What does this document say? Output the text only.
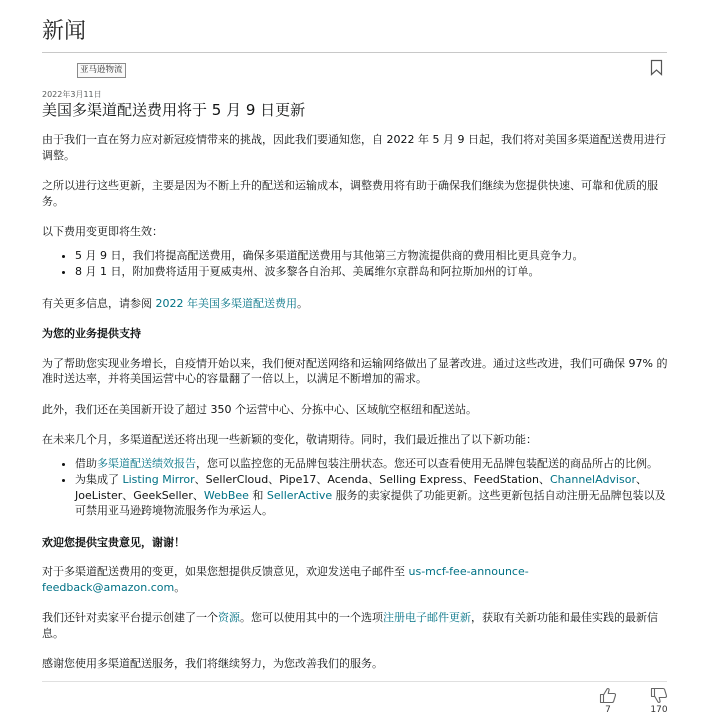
新闻
亚马逊物流
2022年3月11日
美国多渠道配送费用将于 5 月 9 日更新

由于我们一直在努力应对新冠疫情带来的挑战，因此我们要通知您，自 2022 年 5 月 9 日起，我们将对美国多渠道配送费用进行调整。

之所以进行这些更新，主要是因为不断上升的配送和运输成本，调整费用将有助于确保我们继续为您提供快速、可靠和优质的服务。

以下费用变更即将生效：

• 5 月 9 日，我们将提高配送费用，确保多渠道配送费用与其他第三方物流提供商的费用相比更具竞争力。
• 8 月 1 日，附加费将适用于夏威夷州、波多黎各自治邦、美属维尔京群岛和阿拉斯加州的订单。

有关更多信息，请参阅 2022 年美国多渠道配送费用。

为您的业务提供支持

为了帮助您实现业务增长，自疫情开始以来，我们便对配送网络和运输网络做出了显著改进。通过这些改进，我们可确保 97% 的准时送达率，并将美国运营中心的容量翻了一倍以上，以满足不断增加的需求。

此外，我们还在美国新开设了超过 350 个运营中心、分拣中心、区域航空枢纽和配送站。

在未来几个月，多渠道配送还将出现一些新颖的变化，敬请期待。同时，我们最近推出了以下新功能：

• 借助多渠道配送绩效报告，您可以监控您的无品牌包装注册状态。您还可以查看使用无品牌包装配送的商品所占的比例。
• 为集成了 Listing Mirror、SellerCloud、Pipe17、Acenda、Selling Express、FeedStation、ChannelAdvisor、JoeLister、GeekSeller、WebBee 和 SellerActive 服务的卖家提供了功能更新。这些更新包括自动注册无品牌包装以及可禁用亚马逊跨境物流服务作为承运人。
欢迎您提供宝贵意见，谢谢！

对于多渠道配送费用的变更，如果您想提供反馈意见，欢迎发送电子邮件至 us-mcf-fee-announce-feedback@amazon.com。

我们还针对卖家平台提示创建了一个资源。您可以使用其中的一个选项注册电子邮件更新，获取有关新功能和最佳实践的最新信息。

感谢您使用多渠道配送服务，我们将继续努力，为您改善我们的服务。

7	170
